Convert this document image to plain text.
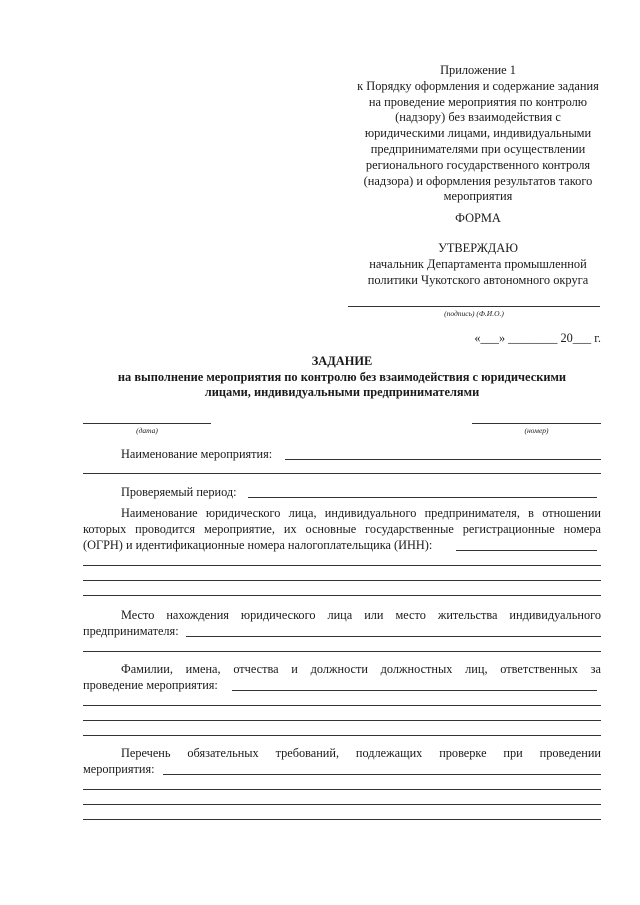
Приложение 1
к Порядку оформления и содержание задания
на проведение мероприятия по контролю
(надзору) без взаимодействия с
юридическими лицами, индивидуальными
предпринимателями при осуществлении
регионального государственного контроля
(надзора) и оформления результатов такого
мероприятия
ФОРМА
УТВЕРЖДАЮ
начальник Департамента промышленной
политики Чукотского автономного округа
(подпись) (Ф.И.О.)
«___» ________ 20___ г.
ЗАДАНИЕ
на выполнение мероприятия по контролю без взаимодействия с юридическими
лицами, индивидуальными предпринимателями
(дата)	(номер)
Наименование мероприятия:
Проверяемый период:
Наименование юридического лица, индивидуального предпринимателя, в отношении
которых проводится мероприятие, их основные государственные регистрационные номера
(ОГРН) и идентификационные номера налогоплательщика (ИНН):
Место нахождения юридического лица или место жительства индивидуального
предпринимателя:
Фамилии, имена, отчества и должности должностных лиц, ответственных за
проведение мероприятия:
Перечень обязательных требований, подлежащих проверке при проведении
мероприятия:
